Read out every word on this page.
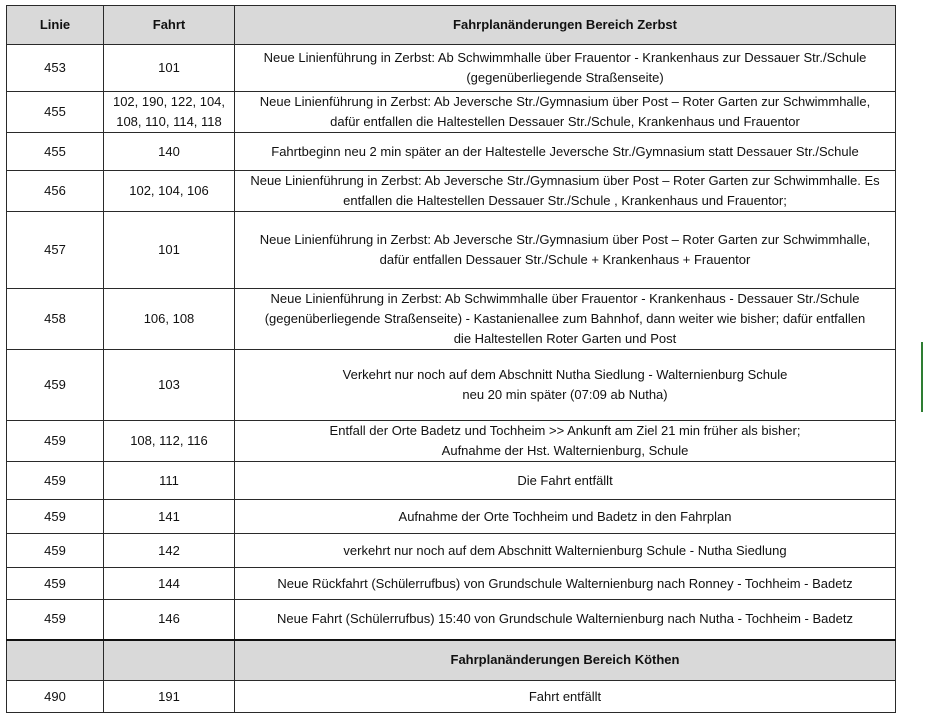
Linie	Fahrt	Fahrplanänderungen Bereich Zerbst
453	101	Neue Linienführung in Zerbst: Ab Schwimmhalle über Frauentor - Krankenhaus zur Dessauer Str./Schule
(gegenüberliegende Straßenseite)

455	102, 190, 122, 104,
108, 110, 114, 118	Neue Linienführung in Zerbst: Ab Jeversche Str./Gymnasium über Post – Roter Garten zur Schwimmhalle,
dafür entfallen die Haltestellen Dessauer Str./Schule, Krankenhaus und Frauentor

455	140	Fahrtbeginn neu 2 min später an der Haltestelle Jeversche Str./Gymnasium statt Dessauer Str./Schule

456	102, 104, 106	Neue Linienführung in Zerbst: Ab Jeversche Str./Gymnasium über Post – Roter Garten zur Schwimmhalle. Es
entfallen die Haltestellen Dessauer Str./Schule , Krankenhaus und Frauentor;

457	101	Neue Linienführung in Zerbst: Ab Jeversche Str./Gymnasium über Post – Roter Garten zur Schwimmhalle,
dafür entfallen Dessauer Str./Schule + Krankenhaus + Frauentor

458	106, 108	Neue Linienführung in Zerbst: Ab Schwimmhalle über Frauentor - Krankenhaus - Dessauer Str./Schule
(gegenüberliegende Straßenseite) - Kastanienallee zum Bahnhof, dann weiter wie bisher; dafür entfallen
die Haltestellen Roter Garten und Post

459	103	Verkehrt nur noch auf dem Abschnitt Nutha Siedlung - Walternienburg Schule
neu 20 min später (07:09 ab Nutha)

459	108, 112, 116	Entfall der Orte Badetz und Tochheim >> Ankunft am Ziel 21 min früher als bisher;
Aufnahme der Hst. Walternienburg, Schule

459	111	Die Fahrt entfällt

459	141	Aufnahme der Orte Tochheim und Badetz in den Fahrplan

459	142	verkehrt nur noch auf dem Abschnitt Walternienburg Schule - Nutha Siedlung

459	144	Neue Rückfahrt (Schülerrufbus) von Grundschule Walternienburg nach Ronney - Tochheim - Badetz

459	146	Neue Fahrt (Schülerrufbus) 15:40 von Grundschule Walternienburg nach Nutha - Tochheim - Badetz

		Fahrplanänderungen Bereich Köthen
490	191	Fahrt entfällt
